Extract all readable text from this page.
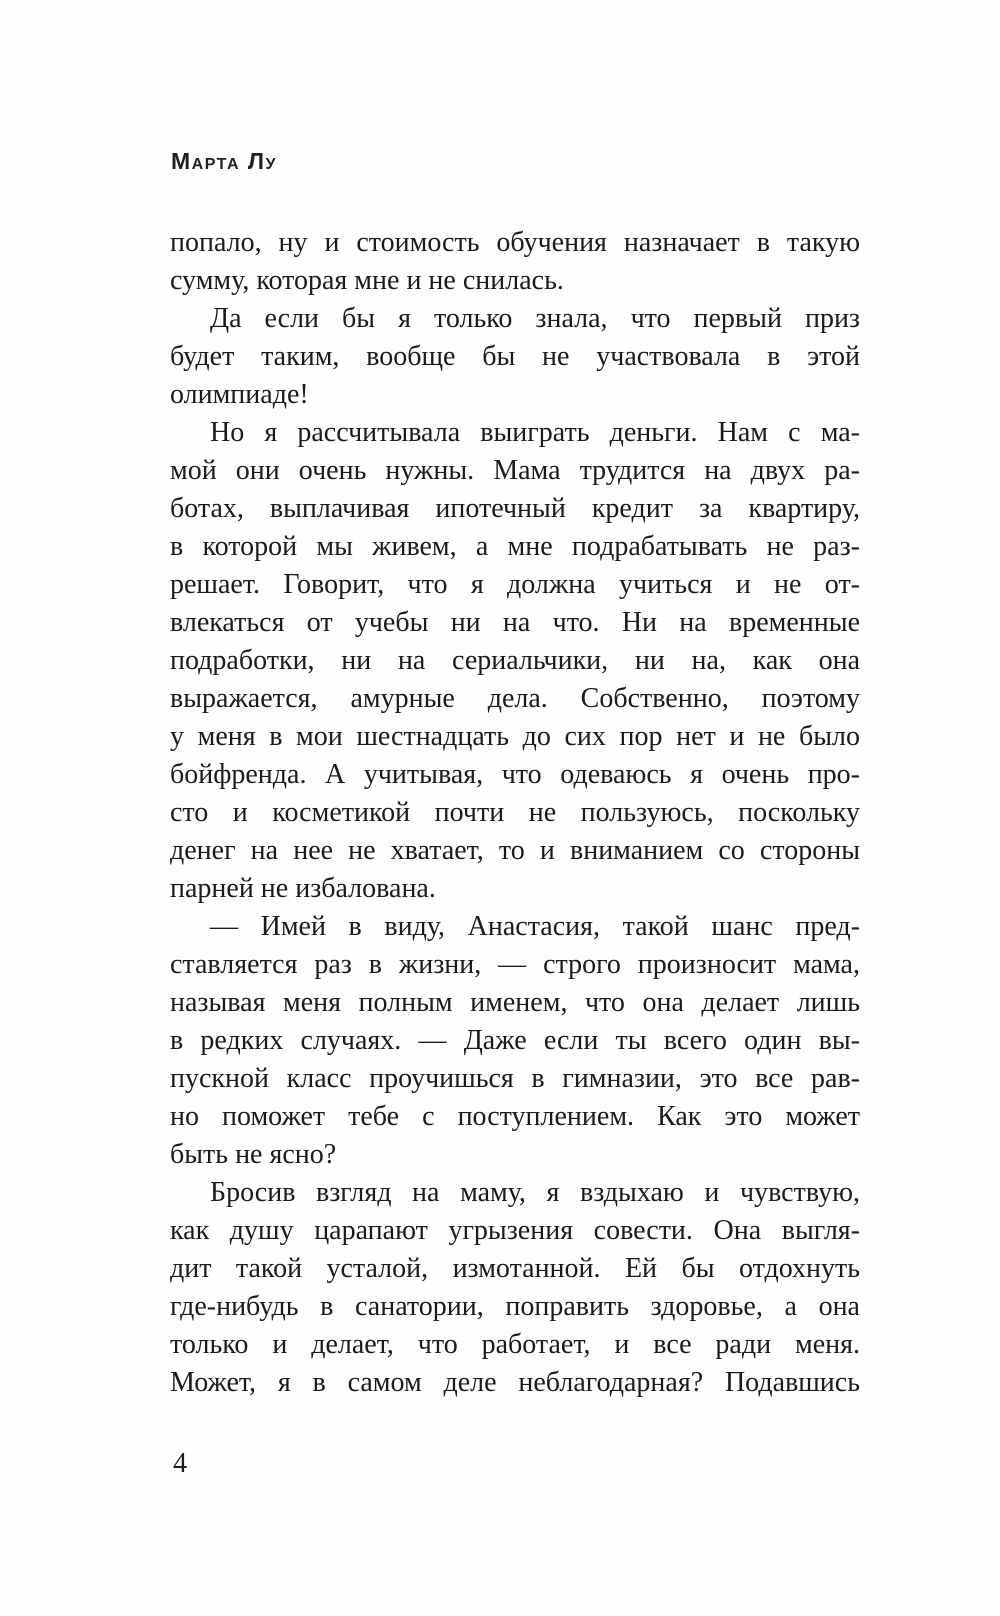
Марта Лу
попало, ну и стоимость обучения назначает в такую
сумму, которая мне и не снилась.
Да если бы я только знала, что первый приз
будет таким, вообще бы не участвовала в этой
олимпиаде!
Но я рассчитывала выиграть деньги. Нам с ма-
мой они очень нужны. Мама трудится на двух ра-
ботах, выплачивая ипотечный кредит за квартиру,
в которой мы живем, а мне подрабатывать не раз-
решает. Говорит, что я должна учиться и не от-
влекаться от учебы ни на что. Ни на временные
подработки, ни на сериальчики, ни на, как она
выражается, амурные дела. Собственно, поэтому
у меня в мои шестнадцать до сих пор нет и не было
бойфренда. А учитывая, что одеваюсь я очень про-
сто и косметикой почти не пользуюсь, поскольку
денег на нее не хватает, то и вниманием со стороны
парней не избалована.
— Имей в виду, Анастасия, такой шанс пред-
ставляется раз в жизни, — строго произносит мама,
называя меня полным именем, что она делает лишь
в редких случаях. — Даже если ты всего один вы-
пускной класс проучишься в гимназии, это все рав-
но поможет тебе с поступлением. Как это может
быть не ясно?
Бросив взгляд на маму, я вздыхаю и чувствую,
как душу царапают угрызения совести. Она выгля-
дит такой усталой, измотанной. Ей бы отдохнуть
где-нибудь в санатории, поправить здоровье, а она
только и делает, что работает, и все ради меня.
Может, я в самом деле неблагодарная? Подавшись
4
